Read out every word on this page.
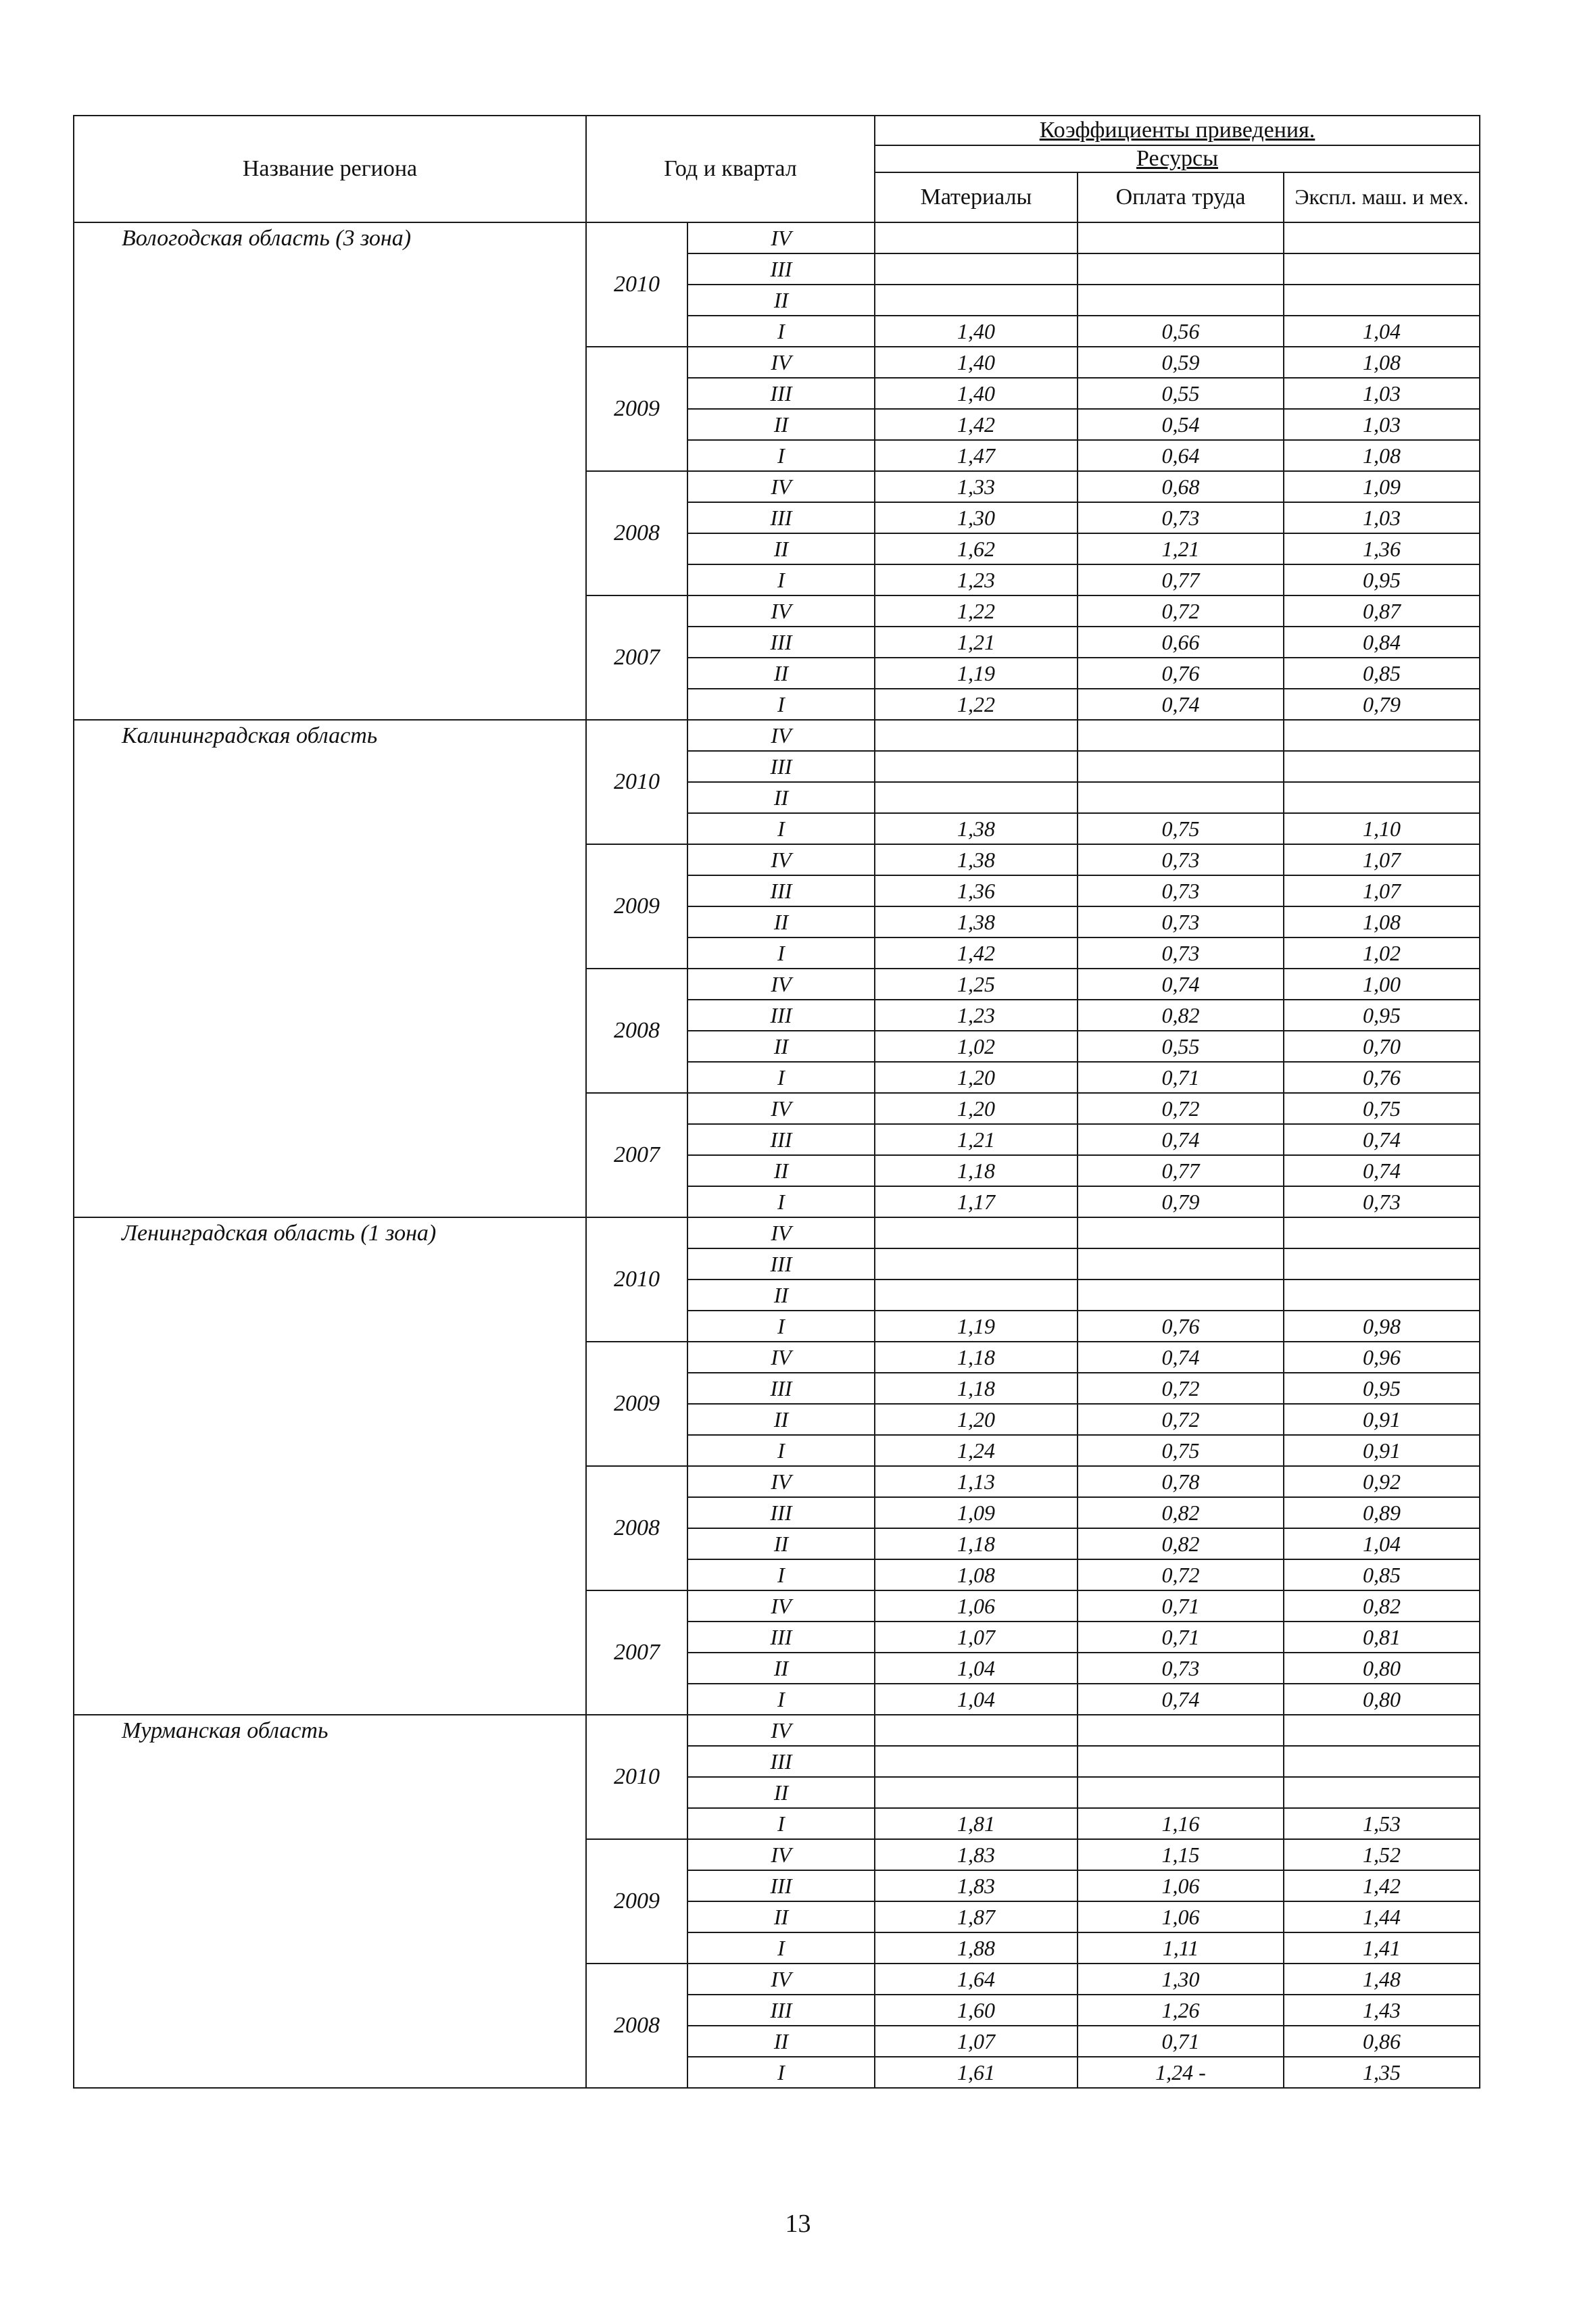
Название региона	Год и квартал		Коэффициенты приведения.		
			Ресурсы		
			Материалы	Оплата труда	Экспл. маш. и мех.
Вологодская область (3 зона)	2010	IV			
		III			
		II			
		I	1,40	0,56	1,04
	2009	IV	1,40	0,59	1,08
		III	1,40	0,55	1,03
		II	1,42	0,54	1,03
		I	1,47	0,64	1,08
	2008	IV	1,33	0,68	1,09
		III	1,30	0,73	1,03
		II	1,62	1,21	1,36
		I	1,23	0,77	0,95
	2007	IV	1,22	0,72	0,87
		III	1,21	0,66	0,84
		II	1,19	0,76	0,85
		I	1,22	0,74	0,79
Калининградская область	2010	IV			
		III			
		II			
		I	1,38	0,75	1,10
	2009	IV	1,38	0,73	1,07
		III	1,36	0,73	1,07
		II	1,38	0,73	1,08
		I	1,42	0,73	1,02
	2008	IV	1,25	0,74	1,00
		III	1,23	0,82	0,95
		II	1,02	0,55	0,70
		I	1,20	0,71	0,76
	2007	IV	1,20	0,72	0,75
		III	1,21	0,74	0,74
		II	1,18	0,77	0,74
		I	1,17	0,79	0,73
Ленинградская область (1 зона)	2010	IV			
		III			
		II			
		I	1,19	0,76	0,98
	2009	IV	1,18	0,74	0,96
		III	1,18	0,72	0,95
		II	1,20	0,72	0,91
		I	1,24	0,75	0,91
	2008	IV	1,13	0,78	0,92
		III	1,09	0,82	0,89
		II	1,18	0,82	1,04
		I	1,08	0,72	0,85
	2007	IV	1,06	0,71	0,82
		III	1,07	0,71	0,81
		II	1,04	0,73	0,80
		I	1,04	0,74	0,80
Мурманская область	2010	IV			
		III			
		II			
		I	1,81	1,16	1,53
	2009	IV	1,83	1,15	1,52
		III	1,83	1,06	1,42
		II	1,87	1,06	1,44
		I	1,88	1,11	1,41
	2008	IV	1,64	1,30	1,48
		III	1,60	1,26	1,43
		II	1,07	0,71	0,86
		I	1,61	1,24 -	1,35
13
